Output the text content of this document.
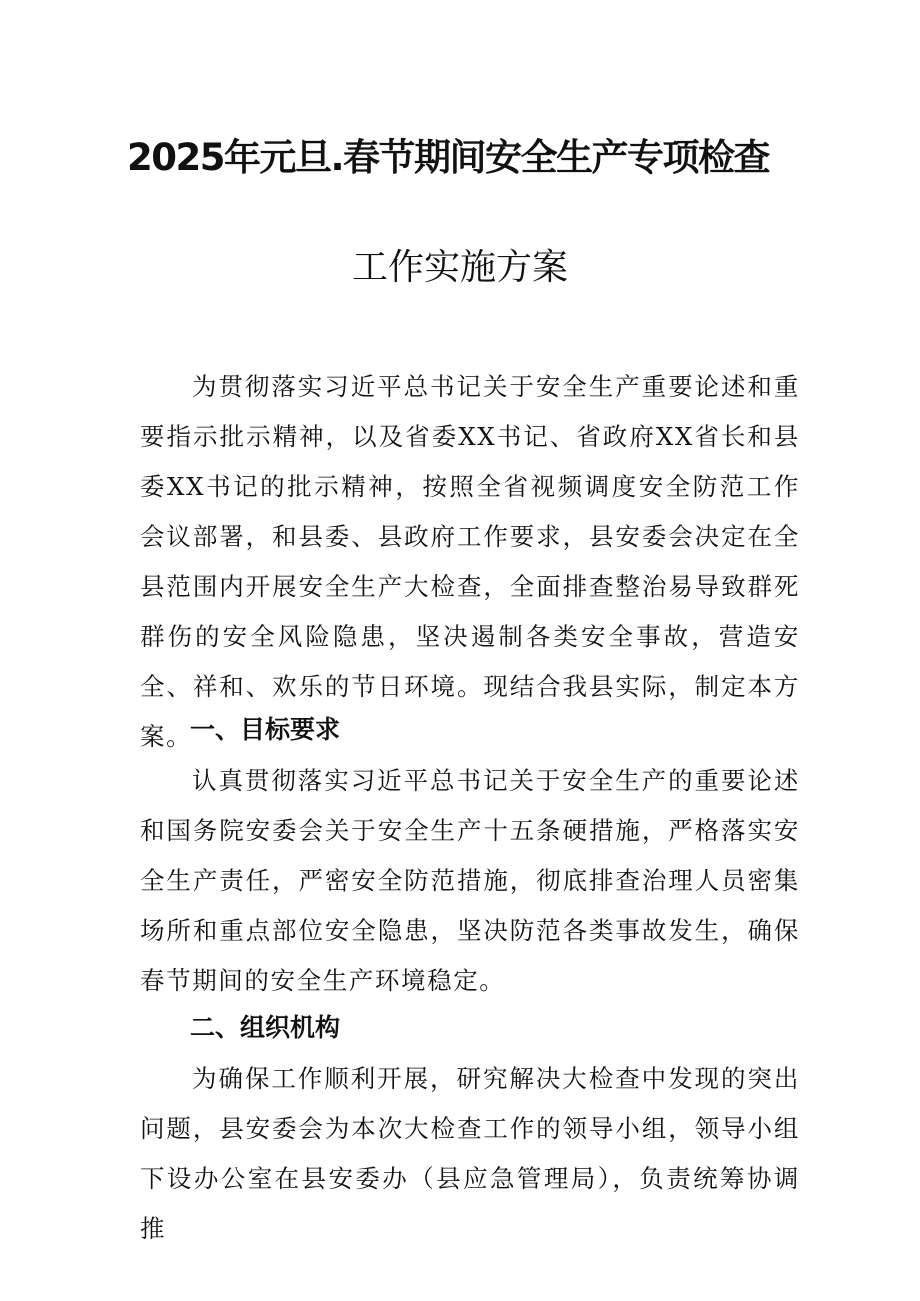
2025年元旦.春节期间安全生产专项检查
工作实施方案

为贯彻落实习近平总书记关于安全生产重要论述和重要指示批示精神，以及省委XX书记、省政府XX省长和县委XX书记的批示精神，按照全省视频调度安全防范工作会议部署，和县委、县政府工作要求，县安委会决定在全县范围内开展安全生产大检查，全面排查整治易导致群死群伤的安全风险隐患，坚决遏制各类安全事故，营造安全、祥和、欢乐的节日环境。现结合我县实际，制定本方案。

一、目标要求

认真贯彻落实习近平总书记关于安全生产的重要论述和国务院安委会关于安全生产十五条硬措施，严格落实安全生产责任，严密安全防范措施，彻底排查治理人员密集场所和重点部位安全隐患，坚决防范各类事故发生，确保春节期间的安全生产环境稳定。

二、组织机构

为确保工作顺利开展，研究解决大检查中发现的突出问题，县安委会为本次大检查工作的领导小组，领导小组下设办公室在县安委办（县应急管理局），负责统筹协调推
